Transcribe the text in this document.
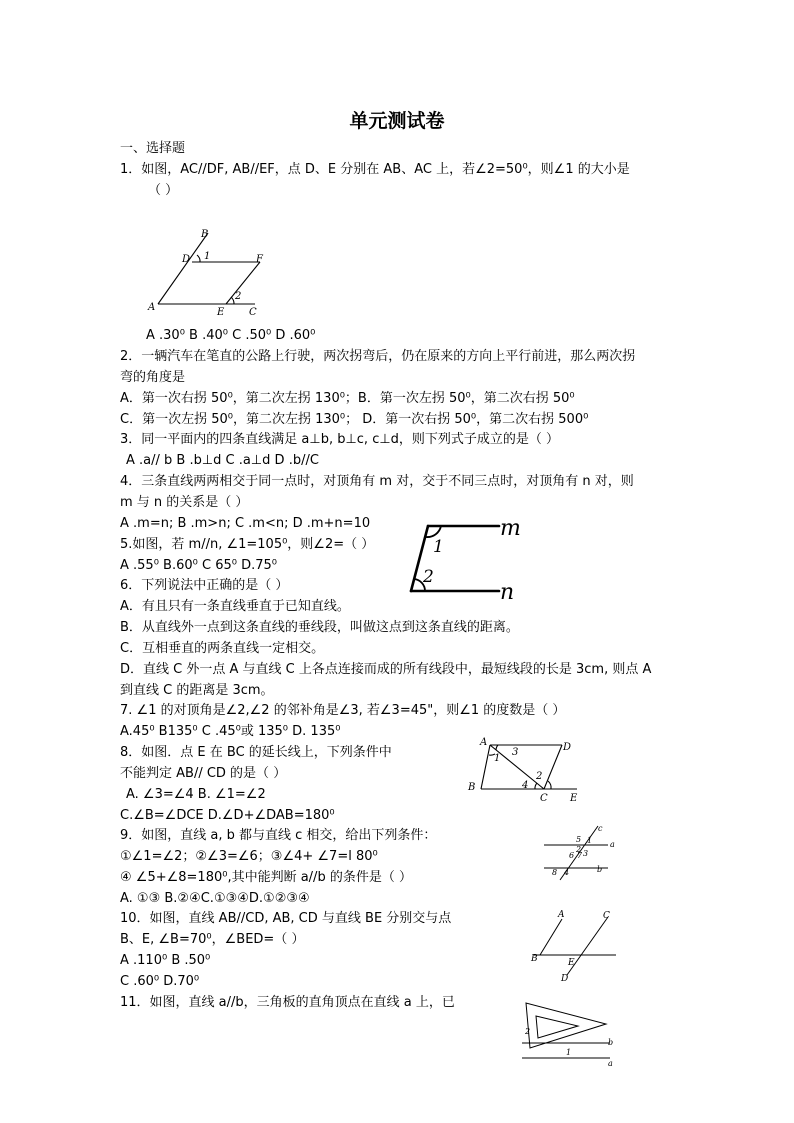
单元测试卷
一、选择题
1．如图，AC//DF, AB//EF，点 D、E 分别在 AB、AC 上，若∠2=50⁰，则∠1 的大小是
（ ）
B
D 1	F
2
A	E C
A .30⁰ B .40⁰ C .50⁰ D .60⁰
2．一辆汽车在笔直的公路上行驶，两次拐弯后，仍在原来的方向上平行前进，那么两次拐
弯的角度是
A．第一次右拐 50⁰，第二次左拐 130⁰；B．第一次左拐 50⁰，第二次右拐 50⁰
C．第一次左拐 50⁰，第二次左拐 130⁰； D．第一次右拐 50⁰，第二次右拐 500⁰
3．同一平面内的四条直线满足 a⊥b, b⊥c, c⊥d，则下列式子成立的是（ ）
A .a// b B .b⊥d C .a⊥d D .b//C
4．三条直线两两相交于同一点时，对顶角有 m 对，交于不同三点时，对顶角有 n 对，则
m 与 n 的关系是（ ）
A .m=n; B .m>n; C .m<n; D .m+n=10
5.如图，若 m//n, ∠1=105⁰，则∠2=（ ）
A .55⁰ B.60⁰ C 65⁰ D.75⁰
m
1
2
n
6．下列说法中正确的是（ ）
A．有且只有一条直线垂直于已知直线。
B．从直线外一点到这条直线的垂线段，叫做这点到这条直线的距离。
C．互相垂直的两条直线一定相交。
D．直线 C 外一点 A 与直线 C 上各点连接而成的所有线段中，最短线段的长是 3cm, 则点 A
到直线 C 的距离是 3cm。
7. ∠1 的对顶角是∠2,∠2 的邻补角是∠3, 若∠3=45"，则∠1 的度数是（ ）
A.45⁰ B135⁰ C .45⁰或 135⁰ D. 135⁰
8．如图．点 E 在 BC 的延长线上，下列条件中
不能判定 AB// CD 的是（ ）
A. ∠3=∠4 B. ∠1=∠2
C.∠B=∠DCE D.∠D+∠DAB=180⁰
A
3	D
1
2
B	4
C E
9．如图，直线 a, b 都与直线 c 相交，给出下列条件：
①∠1=∠2；②∠3=∠6；③∠4+ ∠7=l 80⁰
④ ∠5+∠8=180⁰,其中能判断 a//b 的条件是（ ）
A. ①③ B.②④C.①③④D.①②③④
c
5 1 a
2
6 7 3
8 4	b
10．如图，直线 AB//CD, AB, CD 与直线 BE 分别交与点
B、E, ∠B=70⁰，∠BED=（ ）
A .110⁰ B .50⁰
C .60⁰ D.70⁰
A	C
B	E
D
11．如图，直线 a//b，三角板的直角顶点在直线 a 上，已
2
1
b
a
